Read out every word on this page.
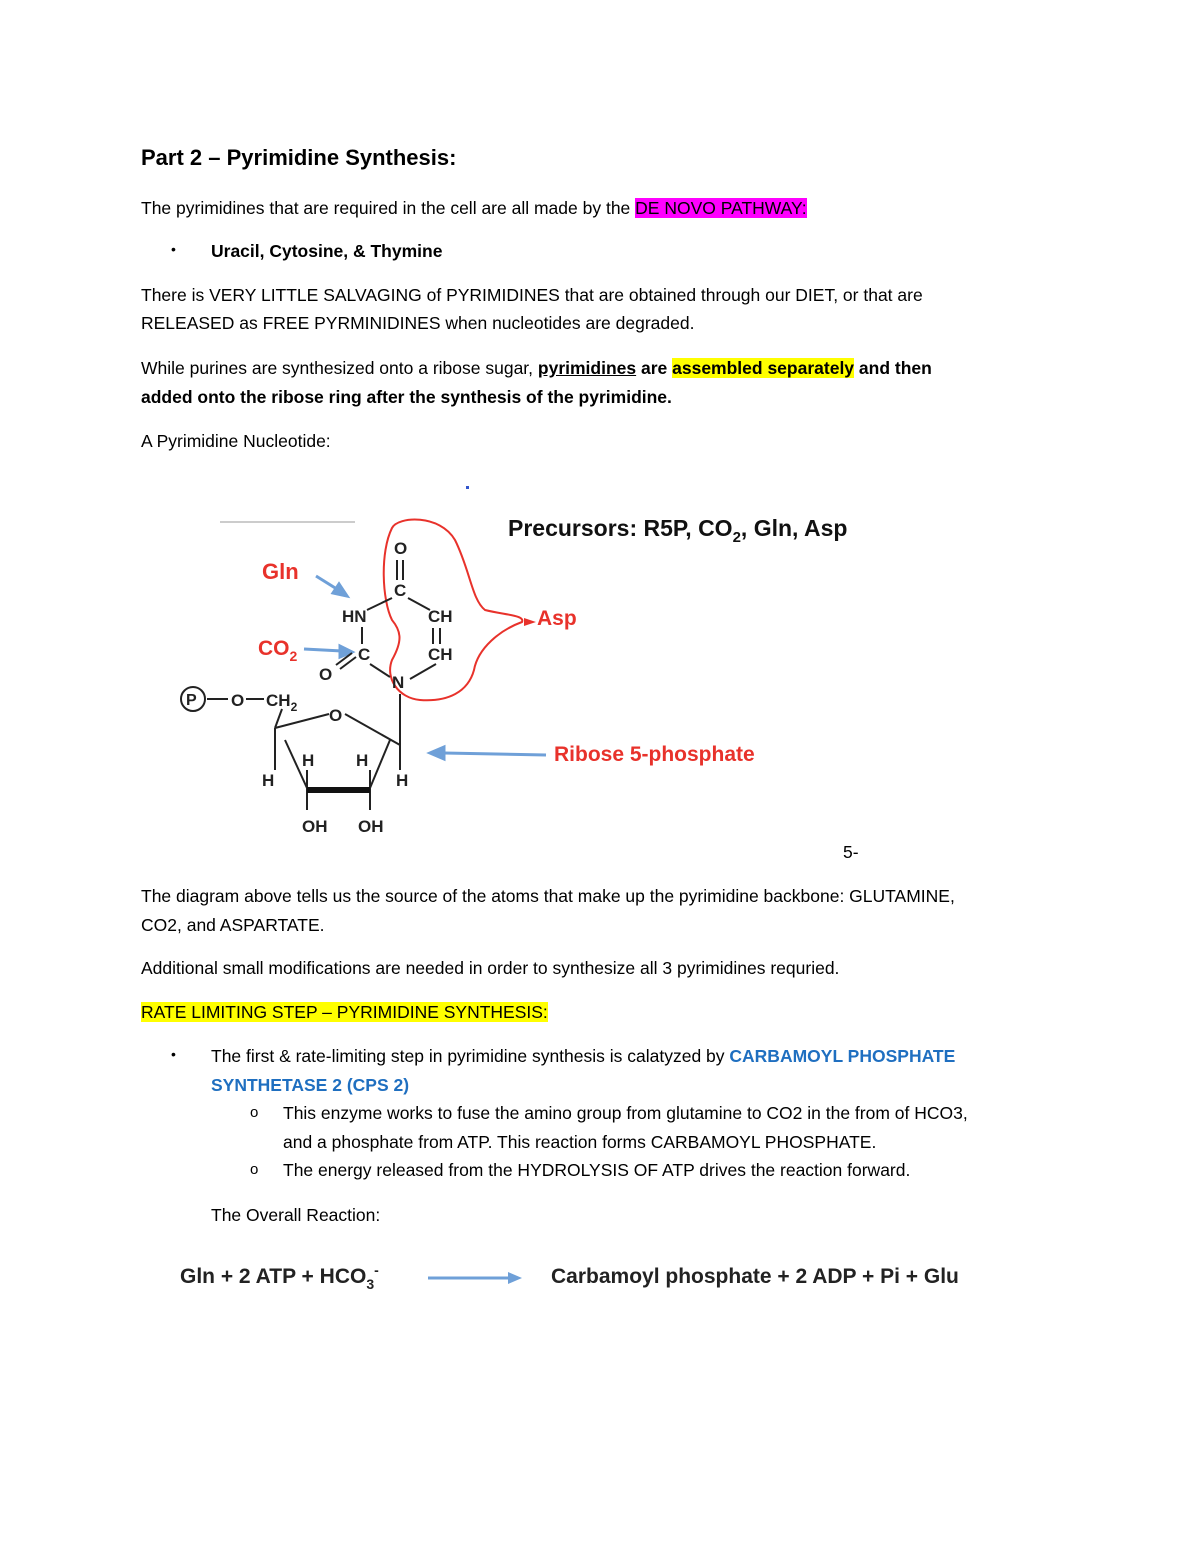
Part 2 – Pyrimidine Synthesis:
The pyrimidines that are required in the cell are all made by the DE NOVO PATHWAY:
• Uracil, Cytosine, & Thymine
There is VERY LITTLE SALVAGING of PYRIMIDINES that are obtained through our DIET, or that are
RELEASED as FREE PYRMINIDINES when nucleotides are degraded.
While purines are synthesized onto a ribose sugar, pyrimidines are assembled separately and then
added onto the ribose ring after the synthesis of the pyrimidine.
A Pyrimidine Nucleotide:
Precursors: R5P, $CO_2$, Gln, Asp
Gln
$CO_2$
Asp
Ribose 5-phosphate
O
C
HN	CH
CH
C
O	N
O $CH_2$ O
H
H H
H
OH OH
P
5-
The diagram above tells us the source of the atoms that make up the pyrimidine backbone: GLUTAMINE,
CO2, and ASPARTATE.
Additional small modifications are needed in order to synthesize all 3 pyrimidines requried.
RATE LIMITING STEP – PYRIMIDINE SYNTHESIS:
• The first & rate-limiting step in pyrimidine synthesis is calatyzed by CARBAMOYL PHOSPHATE
SYNTHETASE 2 (CPS 2)
o This enzyme works to fuse the amino group from glutamine to CO2 in the from of HCO3,
and a phosphate from ATP. This reaction forms CARBAMOYL PHOSPHATE.
o The energy released from the HYDROLYSIS OF ATP drives the reaction forward.
The Overall Reaction:
Gln + 2 ATP + $HCO_3^-$	Carbamoyl phosphate + 2 ADP + Pi + Glu
